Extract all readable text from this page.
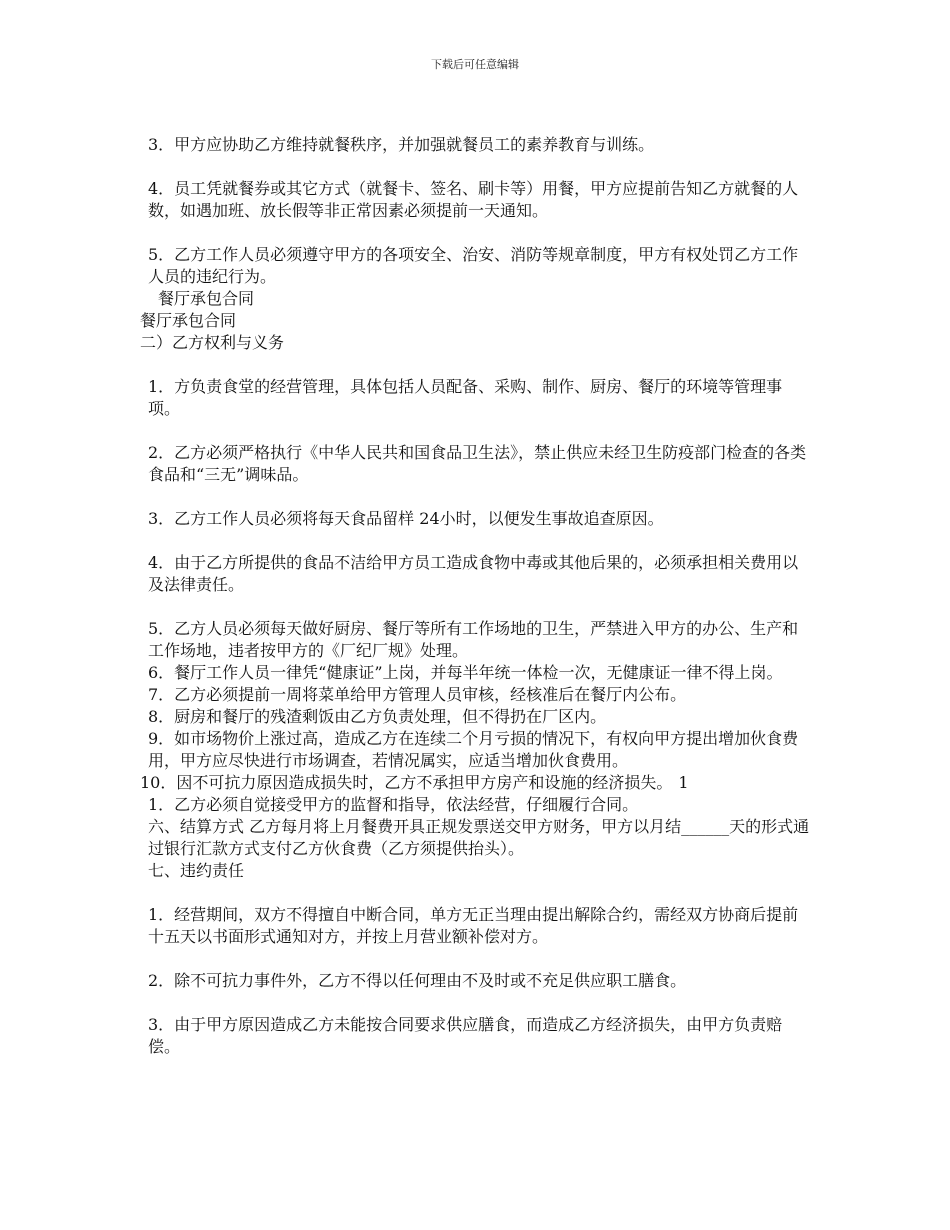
下载后可任意编辑

3．甲方应协助乙方维持就餐秩序，并加强就餐员工的素养教育与训练。

4．员工凭就餐券或其它方式（就餐卡、签名、刷卡等）用餐，甲方应提前告知乙方就餐的人数，如遇加班、放长假等非正常因素必须提前一天通知。

5．乙方工作人员必须遵守甲方的各项安全、治安、消防等规章制度，甲方有权处罚乙方工作人员的违纪行为。

餐厅承包合同

餐厅承包合同

二）乙方权利与义务

1．方负责食堂的经营管理，具体包括人员配备、采购、制作、厨房、餐厅的环境等管理事项。

2．乙方必须严格执行《中华人民共和国食品卫生法》，禁止供应未经卫生防疫部门检查的各类食品和“三无”调味品。

3．乙方工作人员必须将每天食品留样 24小时，以便发生事故追查原因。

4．由于乙方所提供的食品不洁给甲方员工造成食物中毒或其他后果的，必须承担相关费用以及法律责任。

5．乙方人员必须每天做好厨房、餐厅等所有工作场地的卫生，严禁进入甲方的办公、生产和工作场地，违者按甲方的《厂纪厂规》处理。

6．餐厅工作人员一律凭“健康证”上岗，并每半年统一体检一次，无健康证一律不得上岗。

7．乙方必须提前一周将菜单给甲方管理人员审核，经核准后在餐厅内公布。

8．厨房和餐厅的残渣剩饭由乙方负责处理，但不得扔在厂区内。

9．如市场物价上涨过高，造成乙方在连续二个月亏损的情况下，有权向甲方提出增加伙食费用，甲方应尽快进行市场调查，若情况属实，应适当增加伙食费用。

10．因不可抗力原因造成损失时，乙方不承担甲方房产和设施的经济损失。 1

1．乙方必须自觉接受甲方的监督和指导，依法经营，仔细履行合同。

六、结算方式 乙方每月将上月餐费开具正规发票送交甲方财务，甲方以月结______天的形式通过银行汇款方式支付乙方伙食费（乙方须提供抬头）。

七、违约责任

1．经营期间，双方不得擅自中断合同，单方无正当理由提出解除合约，需经双方协商后提前十五天以书面形式通知对方，并按上月营业额补偿对方。

2．除不可抗力事件外，乙方不得以任何理由不及时或不充足供应职工膳食。

3．由于甲方原因造成乙方未能按合同要求供应膳食，而造成乙方经济损失，由甲方负责赔偿。
